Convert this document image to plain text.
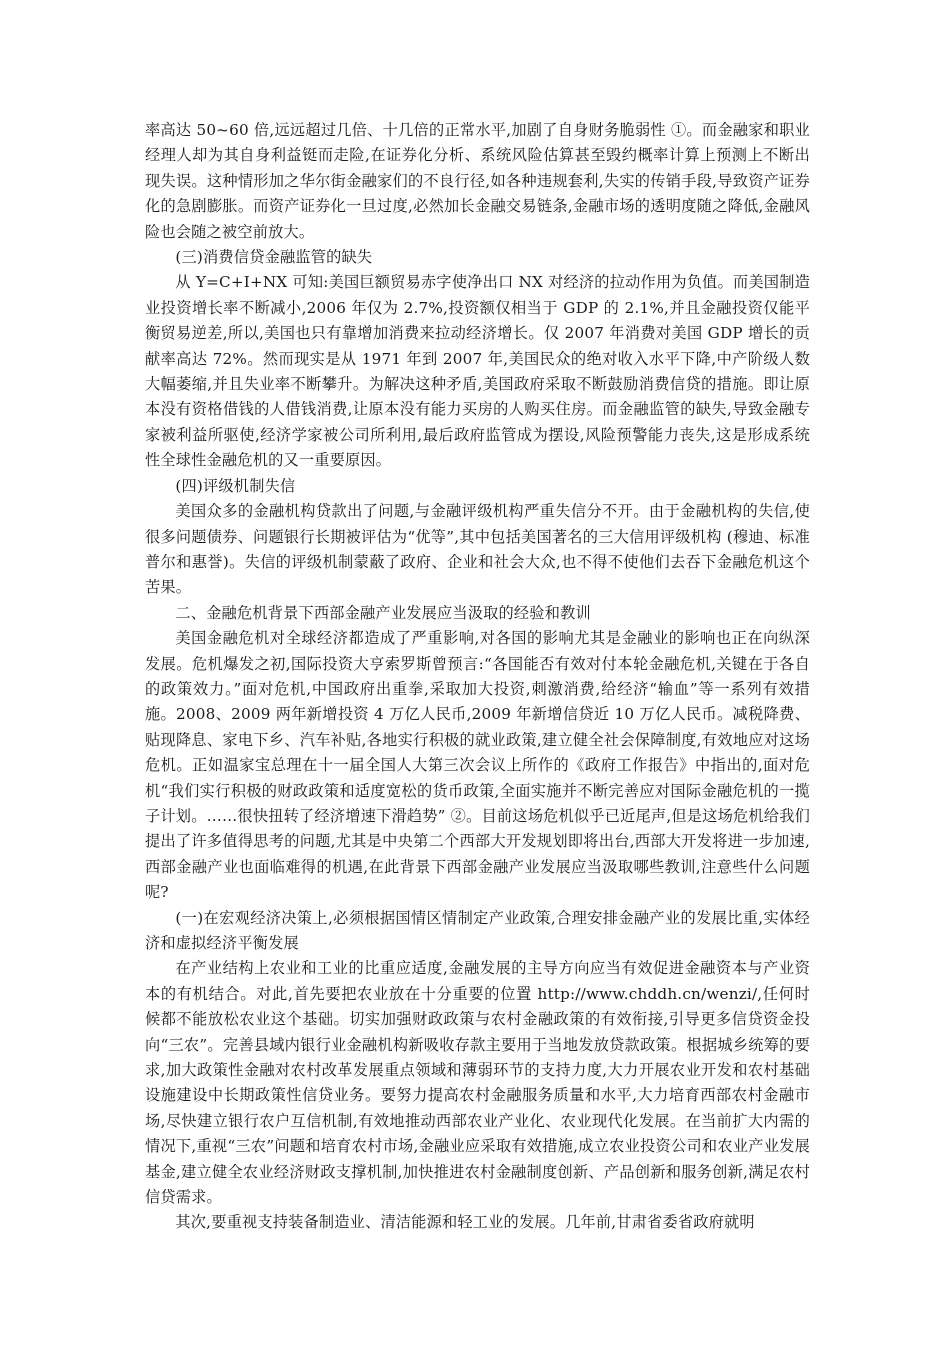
率高达 50~60 倍,远远超过几倍、十几倍的正常水平,加剧了自身财务脆弱性 ①。而金融家和职业经理人却为其自身利益铤而走险,在证券化分析、系统风险估算甚至毁约概率计算上预测上不断出现失误。这种情形加之华尔街金融家们的不良行径,如各种违规套利,失实的传销手段,导致资产证券化的急剧膨胀。而资产证券化一旦过度,必然加长金融交易链条,金融市场的透明度随之降低,金融风险也会随之被空前放大。

(三)消费信贷金融监管的缺失

从 Y=C+I+NX 可知:美国巨额贸易赤字使净出口 NX 对经济的拉动作用为负值。而美国制造业投资增长率不断减小,2006 年仅为 2.7%,投资额仅相当于 GDP 的 2.1%,并且金融投资仅能平衡贸易逆差,所以,美国也只有靠增加消费来拉动经济增长。仅 2007 年消费对美国 GDP 增长的贡献率高达 72%。然而现实是从 1971 年到 2007 年,美国民众的绝对收入水平下降,中产阶级人数大幅萎缩,并且失业率不断攀升。为解决这种矛盾,美国政府采取不断鼓励消费信贷的措施。即让原本没有资格借钱的人借钱消费,让原本没有能力买房的人购买住房。而金融监管的缺失,导致金融专家被利益所驱使,经济学家被公司所利用,最后政府监管成为摆设,风险预警能力丧失,这是形成系统性全球性金融危机的又一重要原因。

(四)评级机制失信

美国众多的金融机构贷款出了问题,与金融评级机构严重失信分不开。由于金融机构的失信,使很多问题债券、问题银行长期被评估为“优等”,其中包括美国著名的三大信用评级机构 (穆迪、标准普尔和惠誉)。失信的评级机制蒙蔽了政府、企业和社会大众,也不得不使他们去吞下金融危机这个苦果。

二、金融危机背景下西部金融产业发展应当汲取的经验和教训

美国金融危机对全球经济都造成了严重影响,对各国的影响尤其是金融业的影响也正在向纵深发展。危机爆发之初,国际投资大亨索罗斯曾预言:“各国能否有效对付本轮金融危机,关键在于各自的政策效力。”面对危机,中国政府出重拳,采取加大投资,刺激消费,给经济“输血”等一系列有效措施。2008、2009 两年新增投资 4 万亿人民币,2009 年新增信贷近 10 万亿人民币。减税降费、贴现降息、家电下乡、汽车补贴,各地实行积极的就业政策,建立健全社会保障制度,有效地应对这场危机。正如温家宝总理在十一届全国人大第三次会议上所作的《政府工作报告》中指出的,面对危机“我们实行积极的财政政策和适度宽松的货币政策,全面实施并不断完善应对国际金融危机的一揽子计划。……很快扭转了经济增速下滑趋势” ②。目前这场危机似乎已近尾声,但是这场危机给我们提出了许多值得思考的问题,尤其是中央第二个西部大开发规划即将出台,西部大开发将进一步加速,西部金融产业也面临难得的机遇,在此背景下西部金融产业发展应当汲取哪些教训,注意些什么问题呢?

(一)在宏观经济决策上,必须根据国情区情制定产业政策,合理安排金融产业的发展比重,实体经济和虚拟经济平衡发展

在产业结构上农业和工业的比重应适度,金融发展的主导方向应当有效促进金融资本与产业资本的有机结合。对此,首先要把农业放在十分重要的位置 http://www.chddh.cn/wenzi/,任何时候都不能放松农业这个基础。切实加强财政政策与农村金融政策的有效衔接,引导更多信贷资金投向“三农”。完善县域内银行业金融机构新吸收存款主要用于当地发放贷款政策。根据城乡统筹的要求,加大政策性金融对农村改革发展重点领域和薄弱环节的支持力度,大力开展农业开发和农村基础设施建设中长期政策性信贷业务。要努力提高农村金融服务质量和水平,大力培育西部农村金融市场,尽快建立银行农户互信机制,有效地推动西部农业产业化、农业现代化发展。在当前扩大内需的情况下,重视“三农”问题和培育农村市场,金融业应采取有效措施,成立农业投资公司和农业产业发展基金,建立健全农业经济财政支撑机制,加快推进农村金融制度创新、产品创新和服务创新,满足农村信贷需求。

其次,要重视支持装备制造业、清洁能源和轻工业的发展。几年前,甘肃省委省政府就明
